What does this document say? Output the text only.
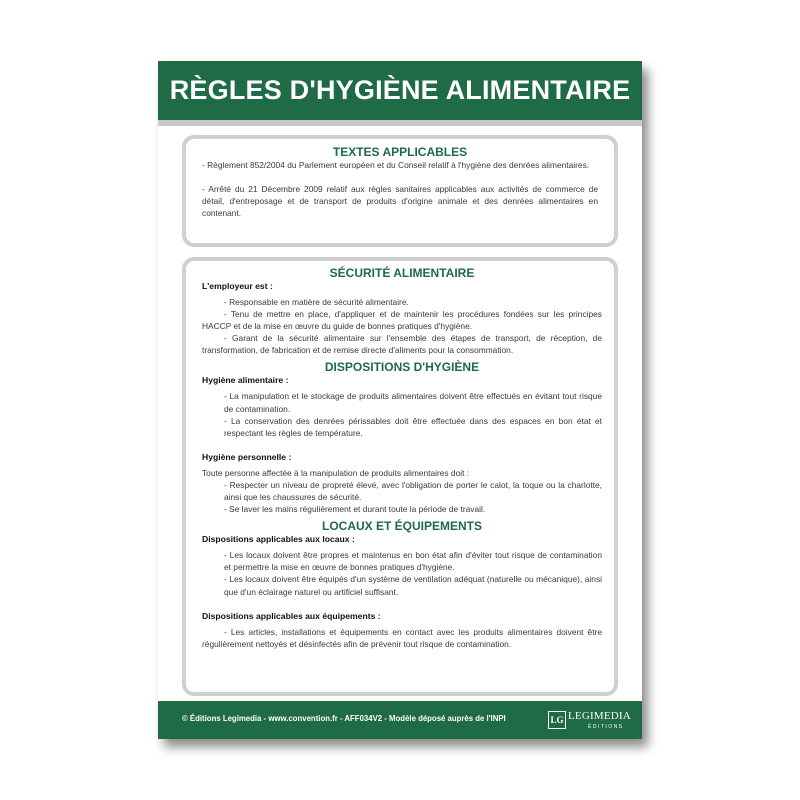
RÈGLES D'HYGIÈNE ALIMENTAIRE
TEXTES APPLICABLES
- Règlement 852/2004 du Parlement européen et du Conseil relatif à l'hygiène des denrées alimentaires.
- Arrêté du 21 Décembre 2009 relatif aux règles sanitaires applicables aux activités de commerce de détail, d'entreposage et de transport de produits d'origine animale et des denrées alimentaires en contenant.
SÉCURITÉ ALIMENTAIRE
L'employeur est :
- Responsable en matière de sécurité alimentaire.
- Tenu de mettre en place, d'appliquer et de maintenir les procédures fondées sur les principes HACCP et de la mise en œuvre du guide de bonnes pratiques d'hygiène.
- Garant de la sécurité alimentaire sur l'ensemble des étapes de transport, de réception, de transformation, de fabrication et de remise directe d'aliments pour la consommation.
DISPOSITIONS D'HYGIÈNE
Hygiène alimentaire :
- La manipulation et le stockage de produits alimentaires doivent être effectués en évitant tout risque de contamination.
- La conservation des denrées périssables doit être effectuée dans des espaces en bon état et respectant les règles de température.
Hygiène personnelle :
Toute personne affectée à la manipulation de produits alimentaires doit :
- Respecter un niveau de propreté élevé, avec l'obligation de porter le calot, la toque ou la charlotte, ainsi que les chaussures de sécurité.
- Se laver les mains régulièrement et durant toute la période de travail.
LOCAUX ET ÉQUIPEMENTS
Dispositions applicables aux locaux :
- Les locaux doivent être propres et maintenus en bon état afin d'éviter tout risque de contamination et permettre la mise en œuvre de bonnes pratiques d'hygiène.
- Les locaux doivent être équipés d'un système de ventilation adéquat (naturelle ou mécanique), ainsi que d'un éclairage naturel ou artificiel suffisant.
Dispositions applicables aux équipements :
- Les articles, installations et équipements en contact avec les produits alimentaires doivent être régulièrement nettoyés et désinfectés afin de prévenir tout risque de contamination.
© Éditions Legimedia - www.convention.fr - AFF034V2 - Modèle déposé auprès de l'INPI	LG LEGIMEDIA
ÉDITIONS
